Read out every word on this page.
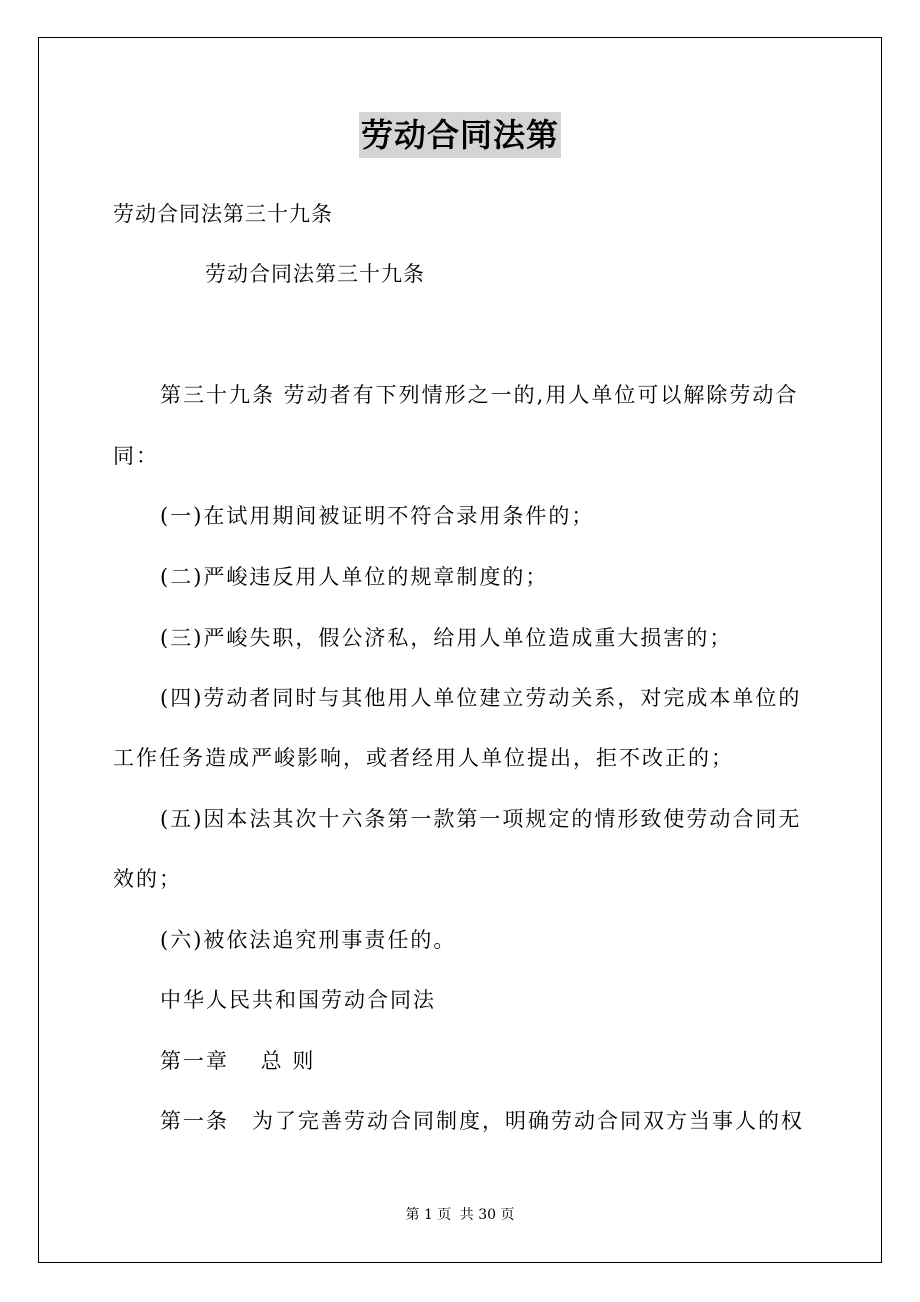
劳动合同法第
劳动合同法第三十九条
劳动合同法第三十九条
第三十九条 劳动者有下列情形之一的,用人单位可以解除劳动合
同：
(一)在试用期间被证明不符合录用条件的；
(二)严峻违反用人单位的规章制度的；
(三)严峻失职，假公济私，给用人单位造成重大损害的；
(四)劳动者同时与其他用人单位建立劳动关系，对完成本单位的
工作任务造成严峻影响，或者经用人单位提出，拒不改正的；
(五)因本法其次十六条第一款第一项规定的情形致使劳动合同无
效的；
(六)被依法追究刑事责任的。
中华人民共和国劳动合同法
第一章　 总 则
第一条　为了完善劳动合同制度，明确劳动合同双方当事人的权
第 1 页 共 30 页
